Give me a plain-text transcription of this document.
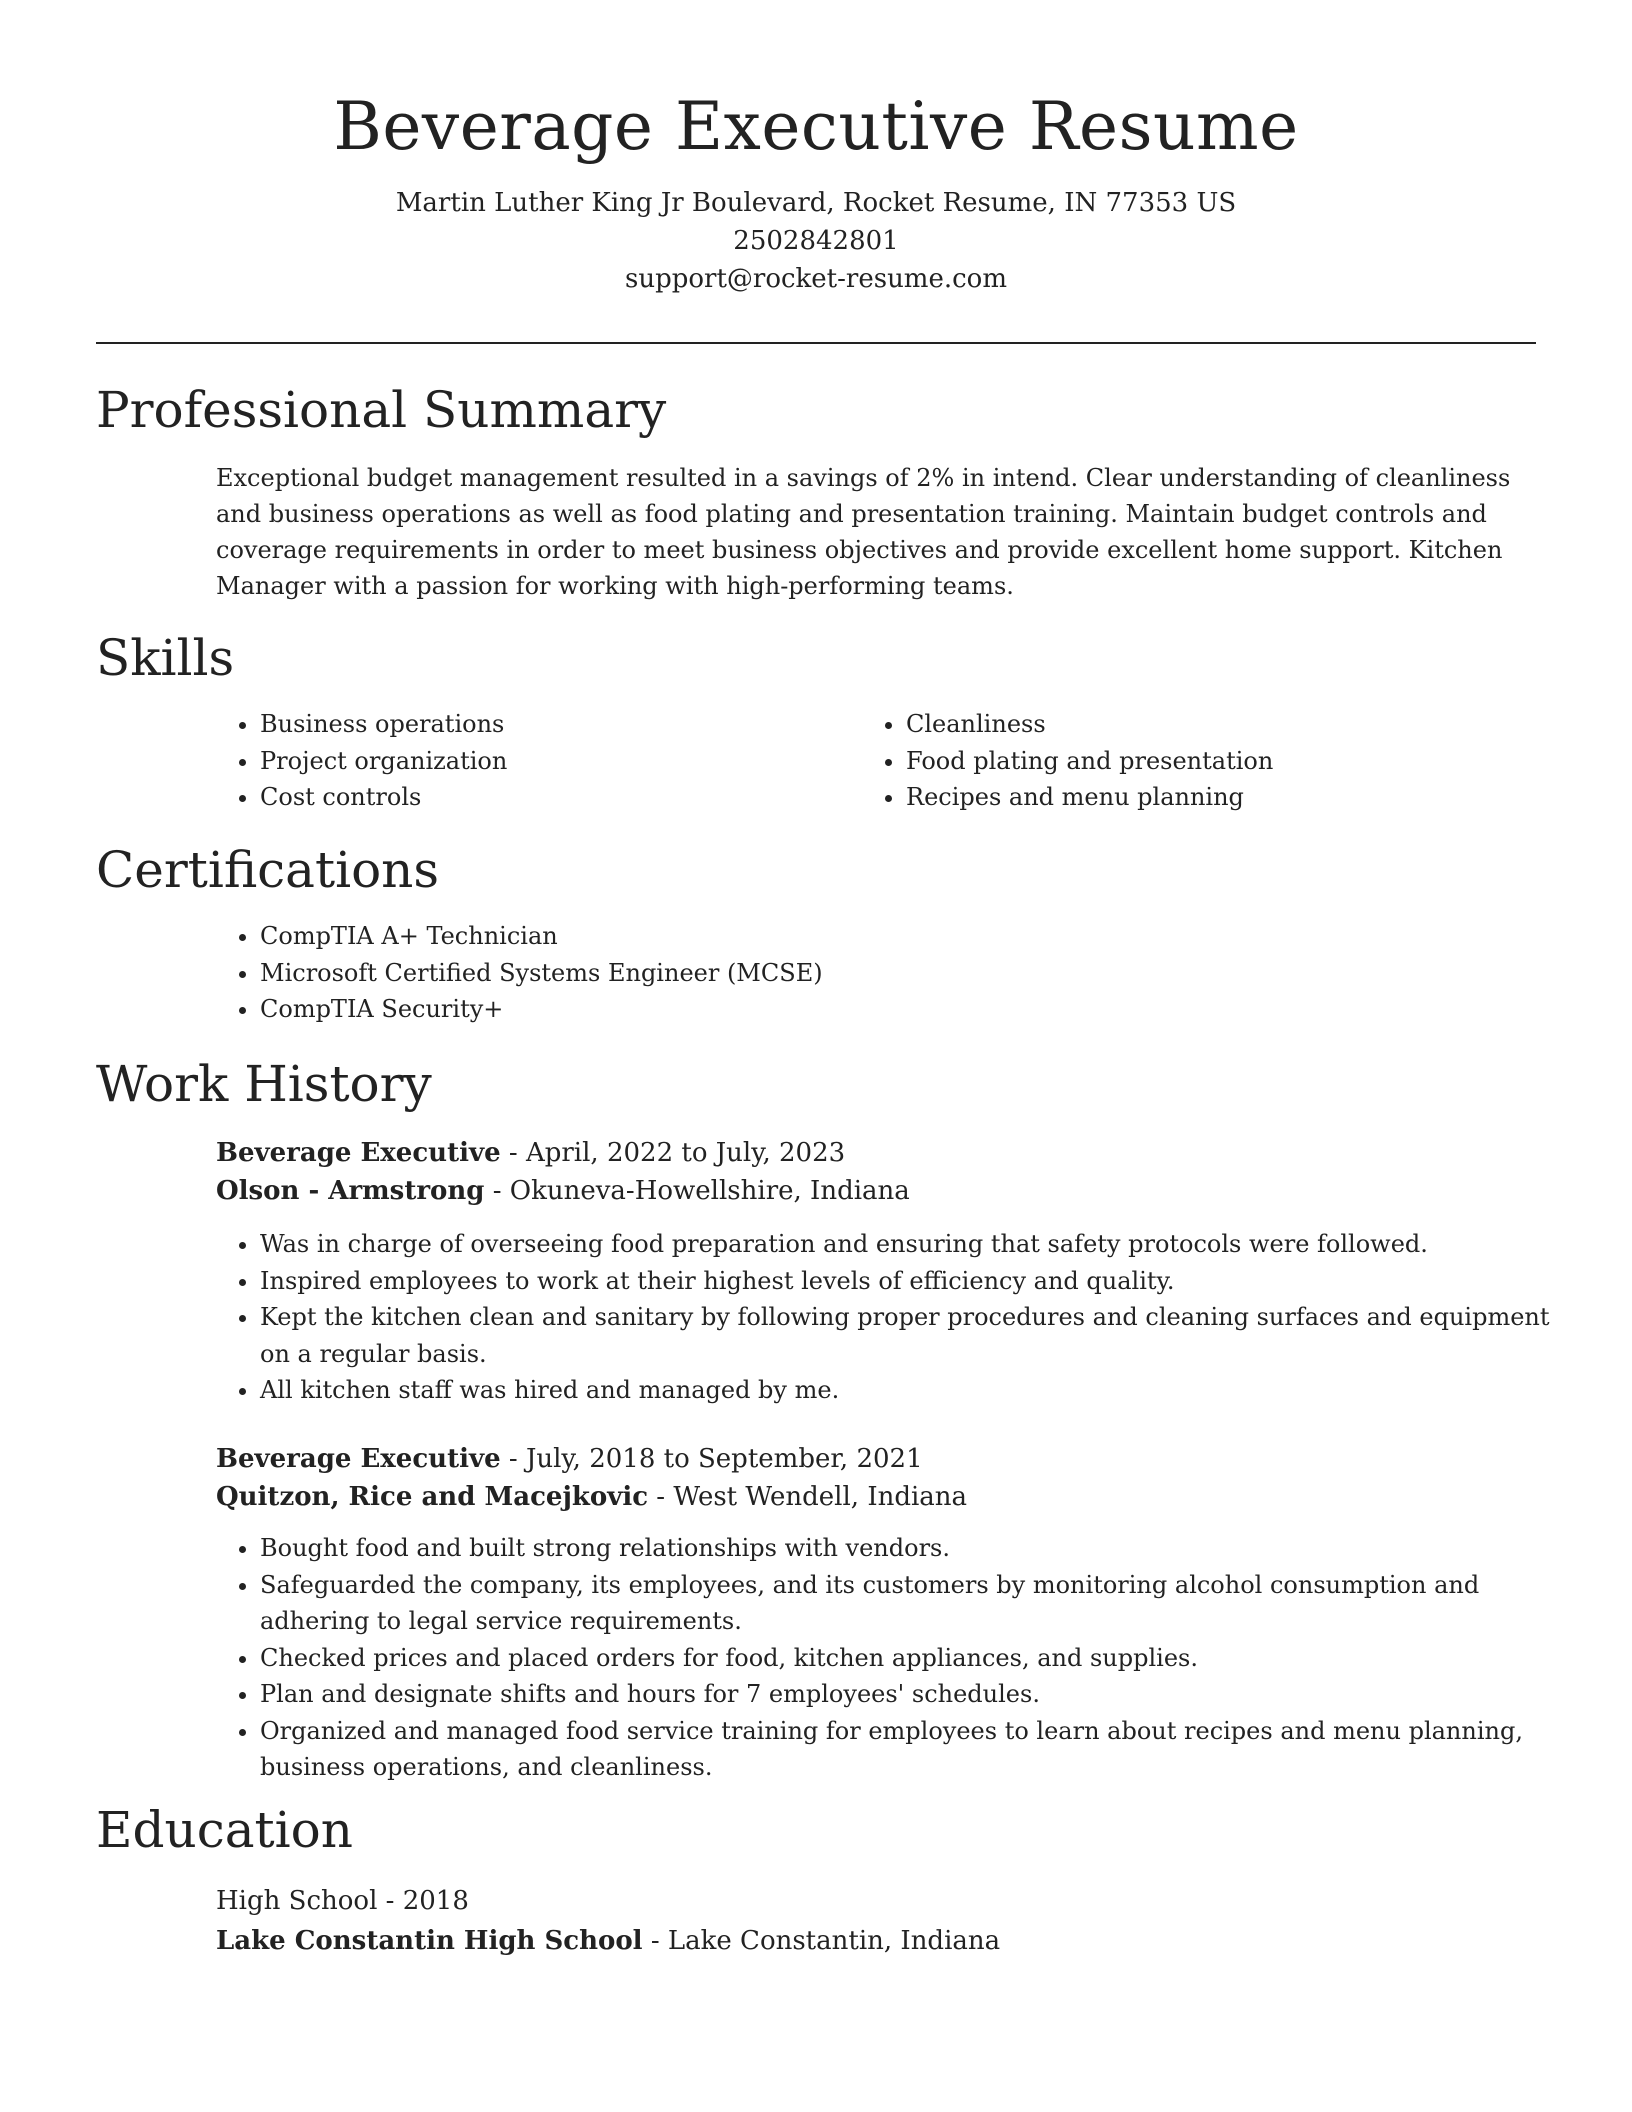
Beverage Executive Resume
Martin Luther King Jr Boulevard, Rocket Resume, IN 77353 US
2502842801
support@rocket-resume.com
Professional Summary

Exceptional budget management resulted in a savings of 2% in intend. Clear understanding of cleanliness and business operations as well as food plating and presentation training. Maintain budget controls and coverage requirements in order to meet business objectives and provide excellent home support. Kitchen Manager with a passion for working with high-performing teams.

Skills
• Business operations
• Project organization
• Cost controls
• Cleanliness
• Food plating and presentation
• Recipes and menu planning
Certifications
• CompTIA A+ Technician
• Microsoft Certified Systems Engineer (MCSE)
• CompTIA Security+
Work History
Beverage Executive - April, 2022 to July, 2023
Olson - Armstrong - Okuneva-Howellshire, Indiana
• Was in charge of overseeing food preparation and ensuring that safety protocols were followed.
• Inspired employees to work at their highest levels of efficiency and quality.
• Kept the kitchen clean and sanitary by following proper procedures and cleaning surfaces and equipment on a regular basis.
• All kitchen staff was hired and managed by me.
Beverage Executive - July, 2018 to September, 2021
Quitzon, Rice and Macejkovic - West Wendell, Indiana
• Bought food and built strong relationships with vendors.
• Safeguarded the company, its employees, and its customers by monitoring alcohol consumption and adhering to legal service requirements.
• Checked prices and placed orders for food, kitchen appliances, and supplies.
• Plan and designate shifts and hours for 7 employees' schedules.
• Organized and managed food service training for employees to learn about recipes and menu planning, business operations, and cleanliness.
Education
High School - 2018
Lake Constantin High School - Lake Constantin, Indiana
